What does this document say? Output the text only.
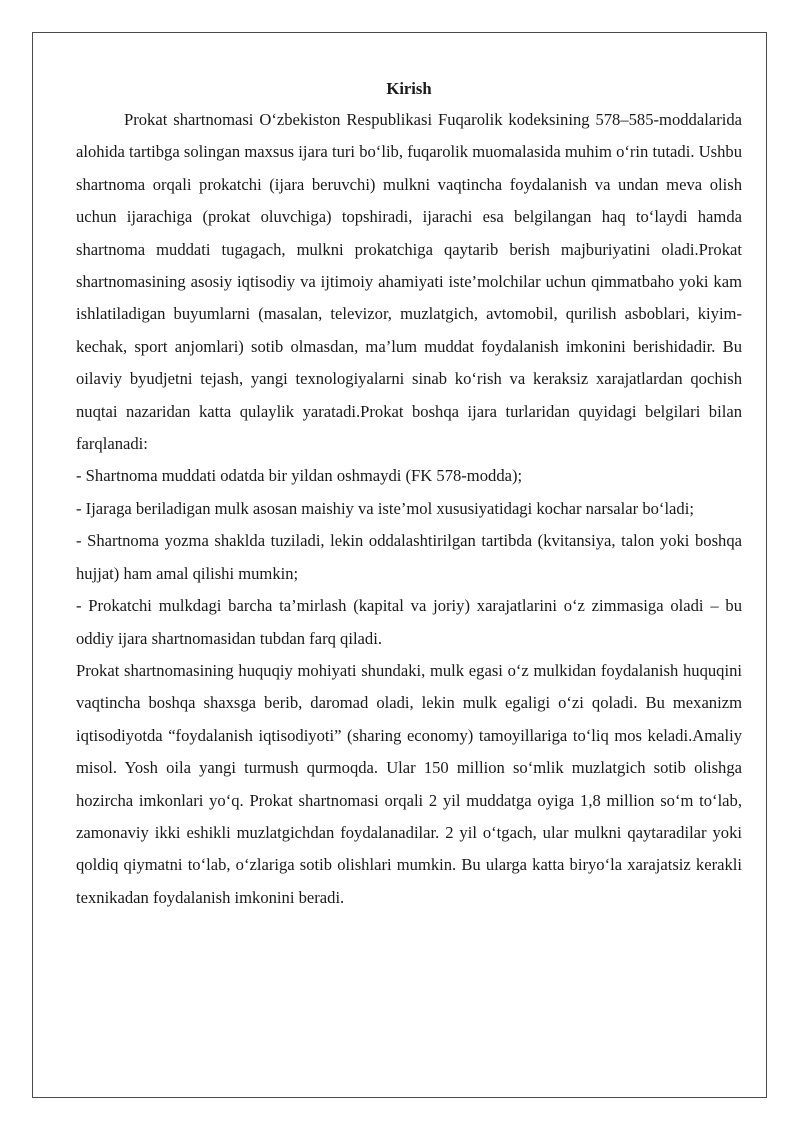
Kirish

Prokat shartnomasi O‘zbekiston Respublikasi Fuqarolik kodeksining 578–585-moddalarida alohida tartibga solingan maxsus ijara turi bo‘lib, fuqarolik muomalasida muhim o‘rin tutadi. Ushbu shartnoma orqali prokatchi (ijara beruvchi) mulkni vaqtincha foydalanish va undan meva olish uchun ijarachiga (prokat oluvchiga) topshiradi, ijarachi esa belgilangan haq to‘laydi hamda shartnoma muddati tugagach, mulkni prokatchiga qaytarib berish majburiyatini oladi.Prokat shartnomasining asosiy iqtisodiy va ijtimoiy ahamiyati iste’molchilar uchun qimmatbaho yoki kam ishlatiladigan buyumlarni (masalan, televizor, muzlatgich, avtomobil, qurilish asboblari, kiyim-kechak, sport anjomlari) sotib olmasdan, ma’lum muddat foydalanish imkonini berishidadir. Bu oilaviy byudjetni tejash, yangi texnologiyalarni sinab ko‘rish va keraksiz xarajatlardan qochish nuqtai nazaridan katta qulaylik yaratadi.Prokat boshqa ijara turlaridan quyidagi belgilari bilan farqlanadi:

- Shartnoma muddati odatda bir yildan oshmaydi (FK 578-modda);

- Ijaraga beriladigan mulk asosan maishiy va iste’mol xususiyatidagi kochar narsalar bo‘ladi;

- Shartnoma yozma shaklda tuziladi, lekin oddalashtirilgan tartibda (kvitansiya, talon yoki boshqa hujjat) ham amal qilishi mumkin;

- Prokatchi mulkdagi barcha ta’mirlash (kapital va joriy) xarajatlarini o‘z zimmasiga oladi – bu oddiy ijara shartnomasidan tubdan farq qiladi.

Prokat shartnomasining huquqiy mohiyati shundaki, mulk egasi o‘z mulkidan foydalanish huquqini vaqtincha boshqa shaxsga berib, daromad oladi, lekin mulk egaligi o‘zi qoladi. Bu mexanizm iqtisodiyotda “foydalanish iqtisodiyoti” (sharing economy) tamoyillariga to‘liq mos keladi.Amaliy misol. Yosh oila yangi turmush qurmoqda. Ular 150 million so‘mlik muzlatgich sotib olishga hozircha imkonlari yo‘q. Prokat shartnomasi orqali 2 yil muddatga oyiga 1,8 million so‘m to‘lab, zamonaviy ikki eshikli muzlatgichdan foydalanadilar. 2 yil o‘tgach, ular mulkni qaytaradilar yoki qoldiq qiymatni to‘lab, o‘zlariga sotib olishlari mumkin. Bu ularga katta biryo‘la xarajatsiz kerakli texnikadan foydalanish imkonini beradi.
